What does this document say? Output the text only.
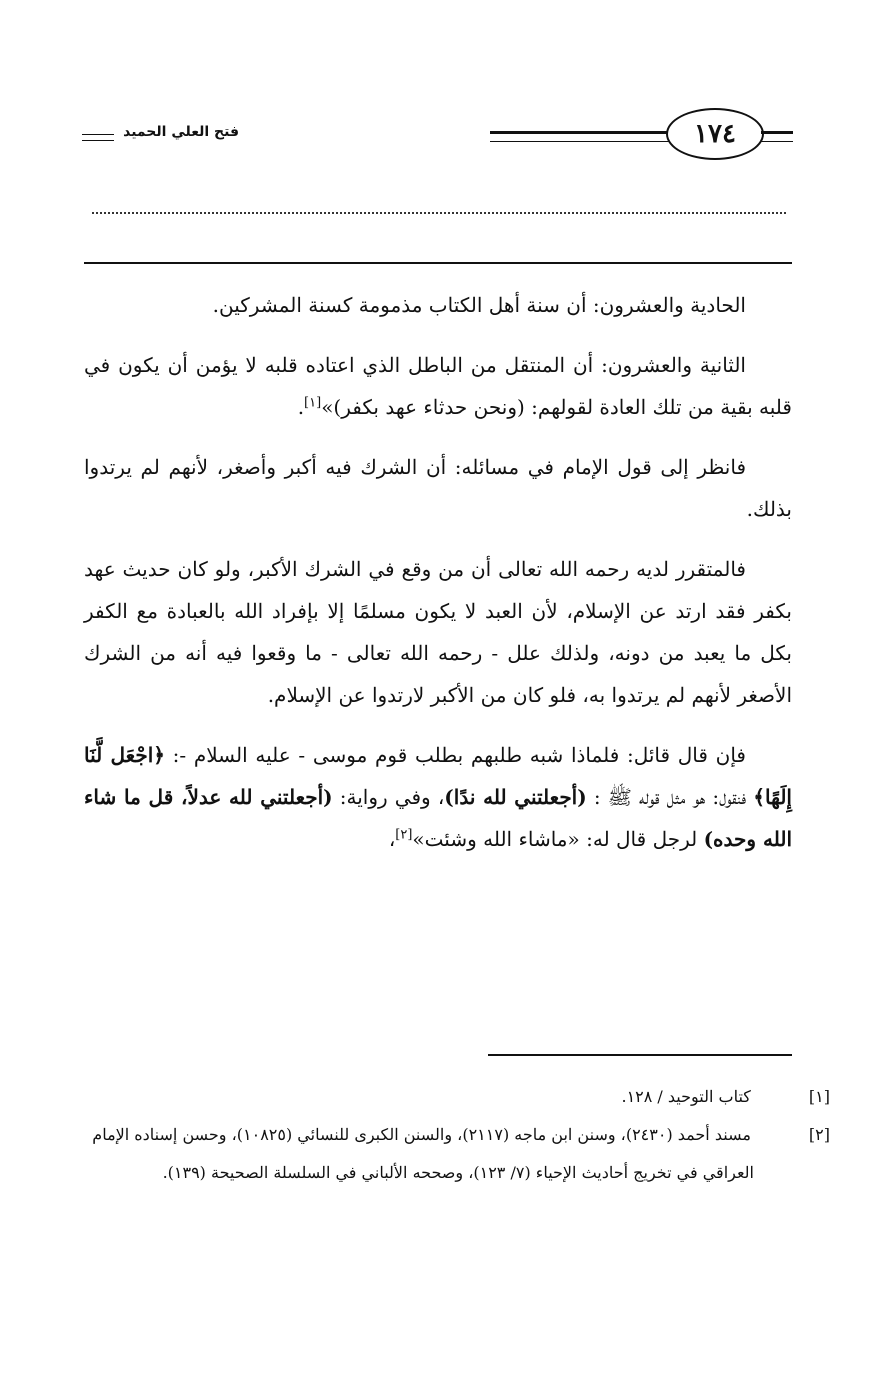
فتح العلي الحميد	١٧٤

الحادية والعشرون: أن سنة أهل الكتاب مذمومة كسنة المشركين.

الثانية والعشرون: أن المنتقل من الباطل الذي اعتاده قلبه لا يؤمن أن يكون في قلبه بقية من تلك العادة لقولهم: (ونحن حدثاء عهد بكفر)»[١].

فانظر إلى قول الإمام في مسائله: أن الشرك فيه أكبر وأصغر، لأنهم لم يرتدوا بذلك.

فالمتقرر لديه رحمه الله تعالى أن من وقع في الشرك الأكبر، ولو كان حديث عهد بكفر فقد ارتد عن الإسلام، لأن العبد لا يكون مسلمًا إلا بإفراد الله بالعبادة مع الكفر بكل ما يعبد من دونه، ولذلك علل - رحمه الله تعالى - ما وقعوا فيه أنه من الشرك الأصغر لأنهم لم يرتدوا به، فلو كان من الأكبر لارتدوا عن الإسلام.

فإن قال قائل: فلماذا شبه طلبهم بطلب قوم موسى - عليه السلام -: ﴿اجْعَل لَّنَا إِلَهًا﴾ فنقول: هو مثل قوله ﷺ : (أجعلتني لله ندًا)، وفي رواية: (أجعلتني لله عدلاً، قل ما شاء الله وحده) لرجل قال له: «ماشاء الله وشئت»[٢]،

[١] كتاب التوحيد / ١٢٨.

[٢] مسند أحمد (٢٤٣٠)، وسنن ابن ماجه (٢١١٧)، والسنن الكبرى للنسائي (١٠٨٢٥)، وحسن إسناده الإمام العراقي في تخريج أحاديث الإحياء (٧/ ١٢٣)، وصححه الألباني في السلسلة الصحيحة (١٣٩).
